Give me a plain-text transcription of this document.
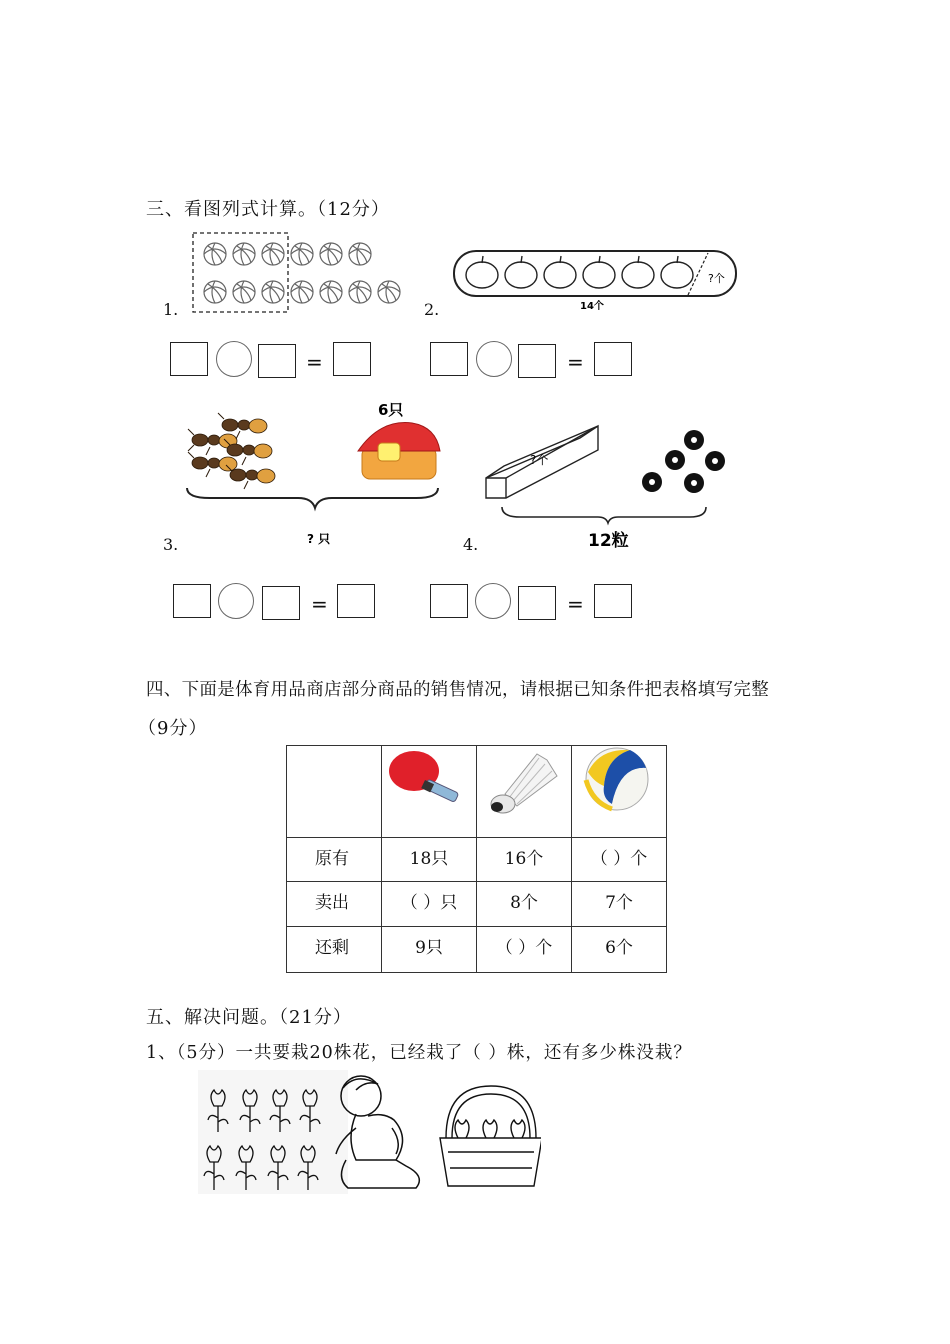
三、看图列式计算。（12分）
1.
?个
14个
2.
=	=
6只
? 只
3.
?个
12粒
4.
=	=
四、下面是体育用品商店部分商品的销售情况，请根据已知条件把表格填写完整
（9分）

原有	18只	16个	（ ）个

卖出	（ ）只	8个	7个

还剩	9只	（ ）个	6个
五、解决问题。（21分）
1、（5分）一共要栽20株花，已经栽了（ ）株，还有多少株没栽？
